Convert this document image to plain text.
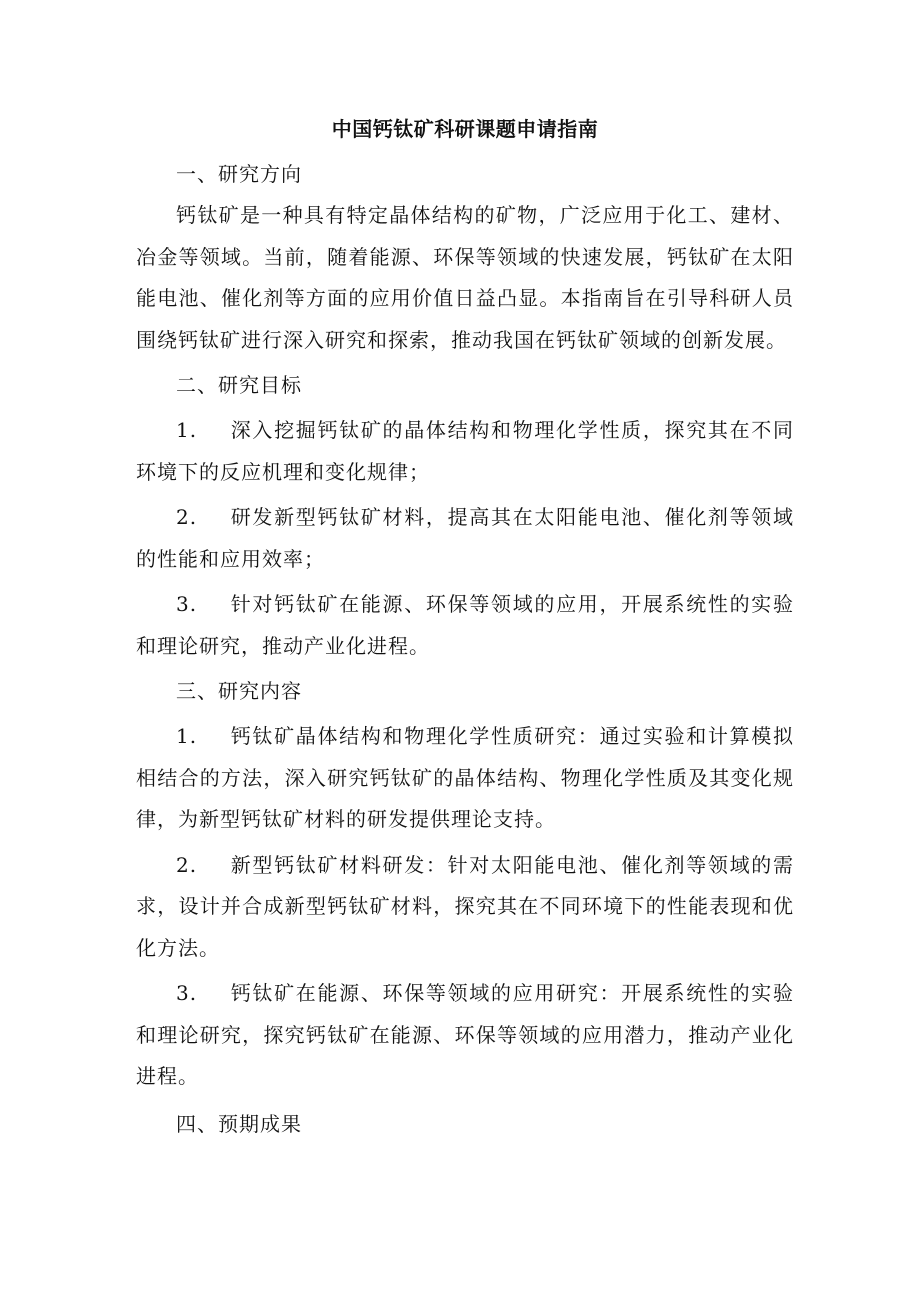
中国钙钛矿科研课题申请指南

一、研究方向

钙钛矿是一种具有特定晶体结构的矿物，广泛应用于化工、建材、冶金等领域。当前，随着能源、环保等领域的快速发展，钙钛矿在太阳能电池、催化剂等方面的应用价值日益凸显。本指南旨在引导科研人员围绕钙钛矿进行深入研究和探索，推动我国在钙钛矿领域的创新发展。

二、研究目标

1. 深入挖掘钙钛矿的晶体结构和物理化学性质，探究其在不同环境下的反应机理和变化规律；

2. 研发新型钙钛矿材料，提高其在太阳能电池、催化剂等领域的性能和应用效率；

3. 针对钙钛矿在能源、环保等领域的应用，开展系统性的实验和理论研究，推动产业化进程。

三、研究内容

1. 钙钛矿晶体结构和物理化学性质研究：通过实验和计算模拟相结合的方法，深入研究钙钛矿的晶体结构、物理化学性质及其变化规律，为新型钙钛矿材料的研发提供理论支持。

2. 新型钙钛矿材料研发：针对太阳能电池、催化剂等领域的需求，设计并合成新型钙钛矿材料，探究其在不同环境下的性能表现和优化方法。

3. 钙钛矿在能源、环保等领域的应用研究：开展系统性的实验和理论研究，探究钙钛矿在能源、环保等领域的应用潜力，推动产业化进程。

四、预期成果
